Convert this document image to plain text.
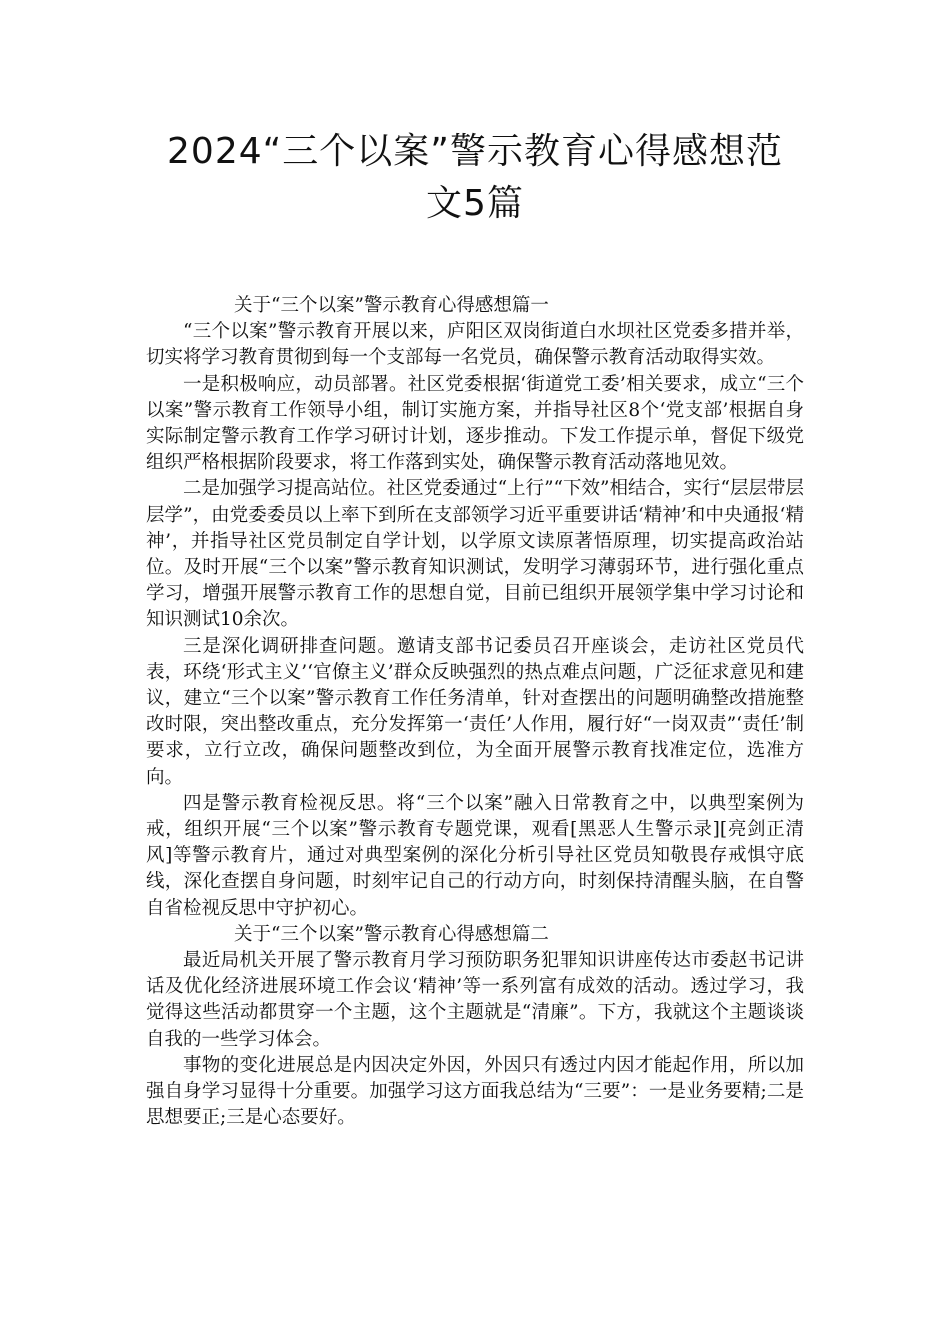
2024“三个以案”警示教育心得感想范
文5篇

关于“三个以案”警示教育心得感想篇一

“三个以案”警示教育开展以来，庐阳区双岗街道白水坝社区党委多措并举，切实将学习教育贯彻到每一个支部每一名党员，确保警示教育活动取得实效。

一是积极响应，动员部署。社区党委根据‘街道党工委’相关要求，成立“三个以案”警示教育工作领导小组，制订实施方案，并指导社区8个‘党支部’根据自身实际制定警示教育工作学习研讨计划，逐步推动。下发工作提示单，督促下级党组织严格根据阶段要求，将工作落到实处，确保警示教育活动落地见效。

二是加强学习提高站位。社区党委通过“上行”“下效”相结合，实行“层层带层层学”，由党委委员以上率下到所在支部领学习近平重要讲话‘精神’和中央通报‘精神’，并指导社区党员制定自学计划，以学原文读原著悟原理，切实提高政治站位。及时开展“三个以案”警示教育知识测试，发明学习薄弱环节，进行强化重点学习，增强开展警示教育工作的思想自觉，目前已组织开展领学集中学习讨论和知识测试10余次。

三是深化调研排查问题。邀请支部书记委员召开座谈会，走访社区党员代表，环绕‘形式主义’‘官僚主义’群众反映强烈的热点难点问题，广泛征求意见和建议，建立“三个以案”警示教育工作任务清单，针对查摆出的问题明确整改措施整改时限，突出整改重点，充分发挥第一‘责任’人作用，履行好“一岗双责”‘责任’制要求，立行立改，确保问题整改到位，为全面开展警示教育找准定位，选准方向。

四是警示教育检视反思。将“三个以案”融入日常教育之中，以典型案例为戒，组织开展“三个以案”警示教育专题党课，观看[黑恶人生警示录][亮剑正清风]等警示教育片，通过对典型案例的深化分析引导社区党员知敬畏存戒惧守底线，深化查摆自身问题，时刻牢记自己的行动方向，时刻保持清醒头脑，在自警自省检视反思中守护初心。

关于“三个以案”警示教育心得感想篇二

最近局机关开展了警示教育月学习预防职务犯罪知识讲座传达市委赵书记讲话及优化经济进展环境工作会议‘精神’等一系列富有成效的活动。透过学习，我觉得这些活动都贯穿一个主题，这个主题就是“清廉”。下方，我就这个主题谈谈自我的一些学习体会。

事物的变化进展总是内因决定外因，外因只有透过内因才能起作用，所以加强自身学习显得十分重要。加强学习这方面我总结为“三要”：一是业务要精;二是思想要正;三是心态要好。
